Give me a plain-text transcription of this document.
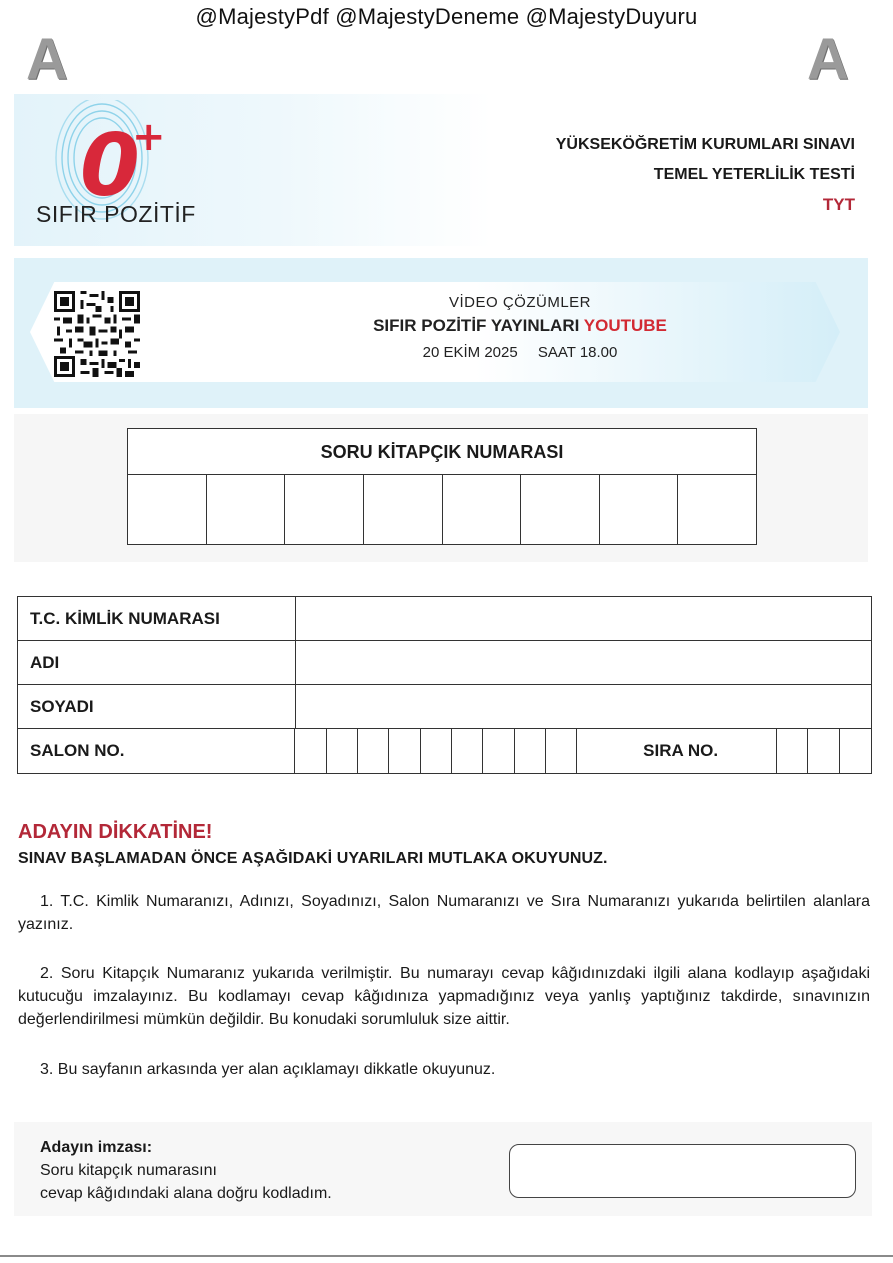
@MajestyPdf @MajestyDeneme @MajestyDuyuru
A	A
0
+
SIFIR POZİTİF
YÜKSEKÖĞRETİM KURUMLARI SINAVI
TEMEL YETERLİLİK TESTİ
TYT
VİDEO ÇÖZÜMLER
SIFIR POZİTİF YAYINLARI YOUTUBE
20 EKİM 2025 SAAT 18.00
SORU KİTAPÇIK NUMARASI
T.C. KİMLİK NUMARASI
ADI
SOYADI
SALON NO.	SIRA NO.
ADAYIN DİKKATİNE!
SINAV BAŞLAMADAN ÖNCE AŞAĞIDAKİ UYARILARI MUTLAKA OKUYUNUZ.
1. T.C. Kimlik Numaranızı, Adınızı, Soyadınızı, Salon Numaranızı ve Sıra Numaranızı yukarıda belirtilen alanlara yazınız.
2. Soru Kitapçık Numaranız yukarıda verilmiştir. Bu numarayı cevap kâğıdınızdaki ilgili alana kodlayıp aşağıdaki kutucuğu imzalayınız. Bu kodlamayı cevap kâğıdınıza yapmadığınız veya yanlış yaptığınız takdirde, sınavınızın değerlendirilmesi mümkün değildir. Bu konudaki sorumluluk size aittir.
3. Bu sayfanın arkasında yer alan açıklamayı dikkatle okuyunuz.
Adayın imzası:
Soru kitapçık numarasını
cevap kâğıdındaki alana doğru kodladım.
